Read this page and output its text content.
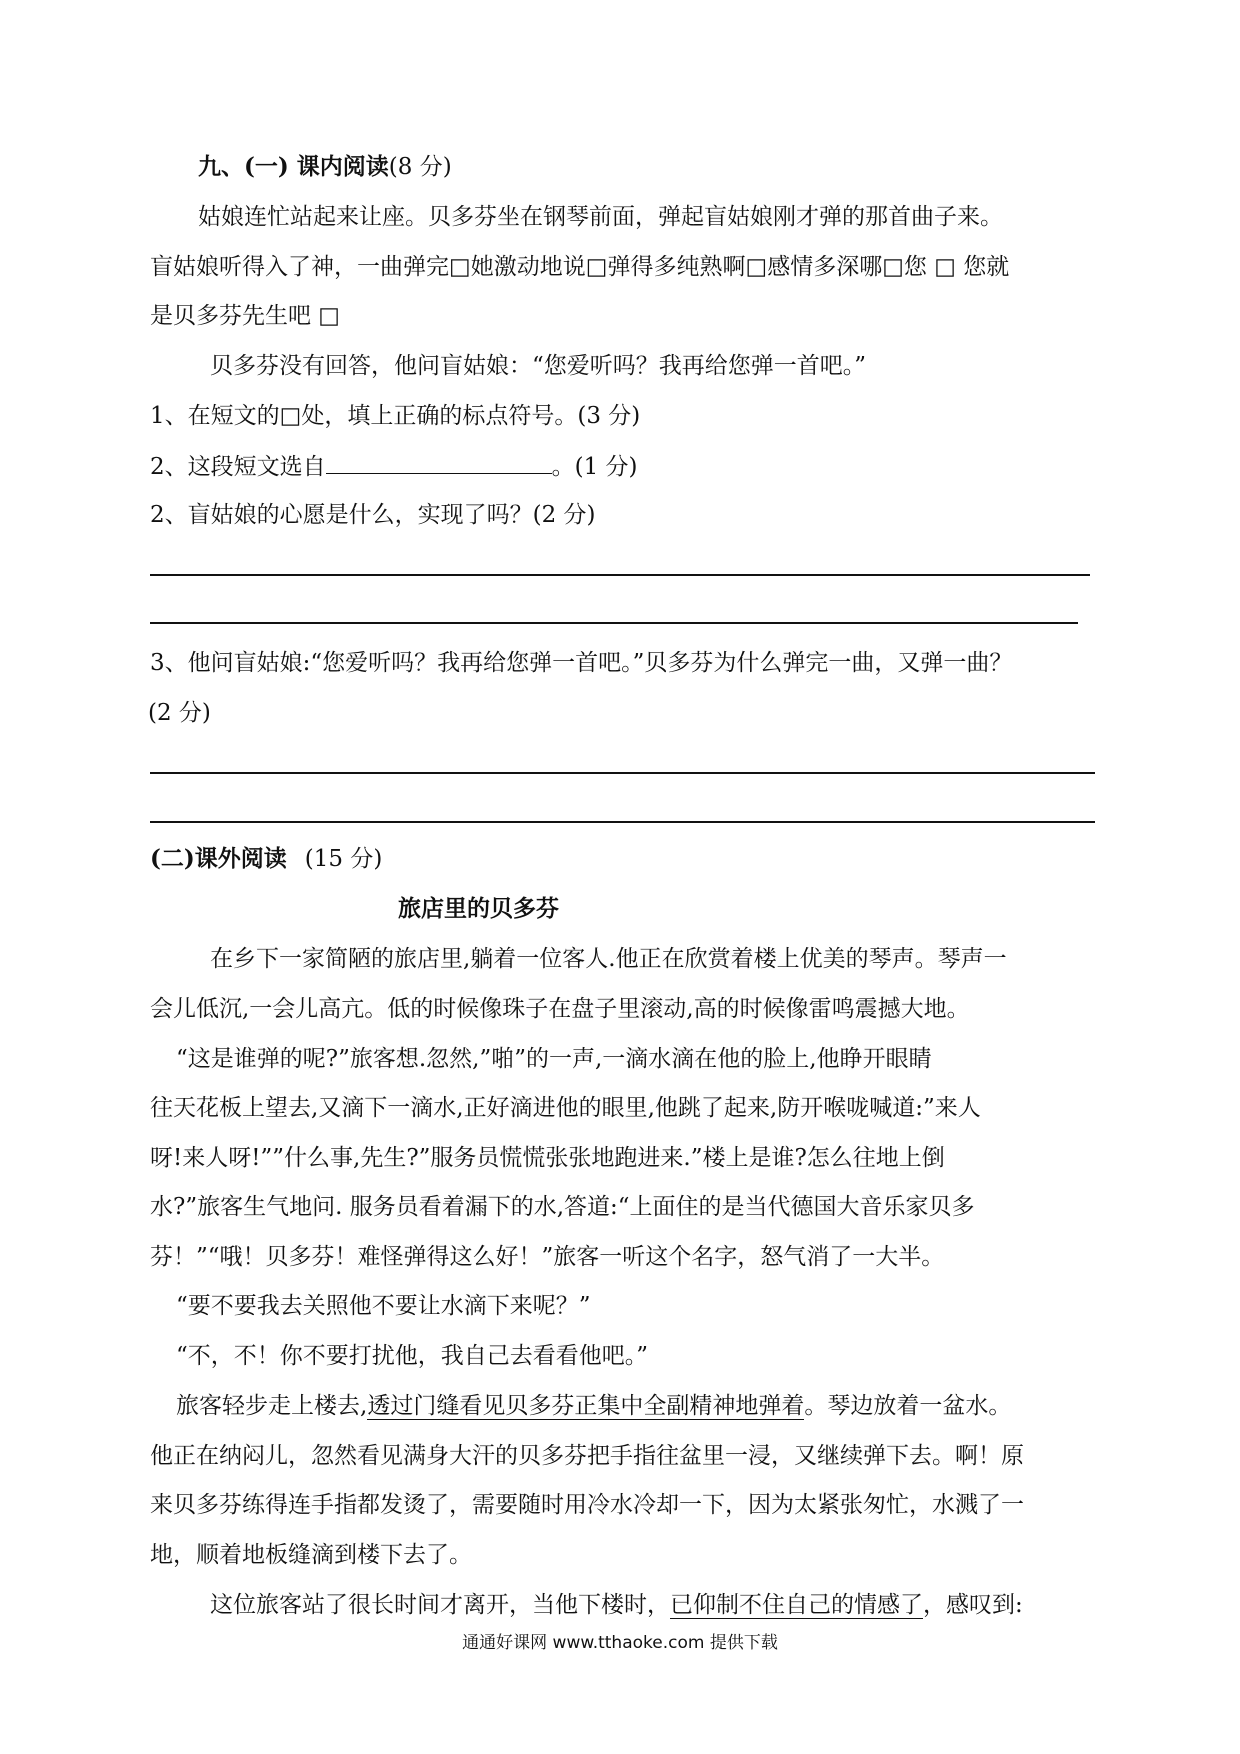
九、(一) 课内阅读(8 分)
姑娘连忙站起来让座。贝多芬坐在钢琴前面，弹起盲姑娘刚才弹的那首曲子来。
盲姑娘听得入了神，一曲弹完□她激动地说□弹得多纯熟啊□感情多深哪□您 □ 您就
是贝多芬先生吧 □
贝多芬没有回答，他问盲姑娘：“您爱听吗？我再给您弹一首吧。”
1、在短文的□处，填上正确的标点符号。(3 分)
2、这段短文选自	。(1 分)
2、盲姑娘的心愿是什么，实现了吗？(2 分)
3、他问盲姑娘:“您爱听吗？我再给您弹一首吧。”贝多芬为什么弹完一曲，又弹一曲？
(2 分)
(二)课外阅读 (15 分)
旅店里的贝多芬
在乡下一家简陋的旅店里,躺着一位客人.他正在欣赏着楼上优美的琴声。琴声一
会儿低沉,一会儿高亢。低的时候像珠子在盘子里滚动,高的时候像雷鸣震撼大地。
“这是谁弹的呢?”旅客想.忽然,”啪”的一声,一滴水滴在他的脸上,他睁开眼睛
往天花板上望去,又滴下一滴水,正好滴进他的眼里,他跳了起来,防开喉咙喊道:”来人
呀!来人呀!””什么事,先生?”服务员慌慌张张地跑进来.”楼上是谁?怎么往地上倒
水?”旅客生气地问. 服务员看着漏下的水,答道:“上面住的是当代德国大音乐家贝多
芬！”“哦！贝多芬！难怪弹得这么好！”旅客一听这个名字，怒气消了一大半。
“要不要我去关照他不要让水滴下来呢？”
“不，不！你不要打扰他，我自己去看看他吧。”
旅客轻步走上楼去,透过门缝看见贝多芬正集中全副精神地弹着。琴边放着一盆水。
他正在纳闷儿，忽然看见满身大汗的贝多芬把手指往盆里一浸，又继续弹下去。啊！原
来贝多芬练得连手指都发烫了，需要随时用冷水冷却一下，因为太紧张匆忙，水溅了一
地，顺着地板缝滴到楼下去了。
这位旅客站了很长时间才离开，当他下楼时，已仰制不住自己的情感了，感叹到:
通通好课网 www.tthaoke.com 提供下载
